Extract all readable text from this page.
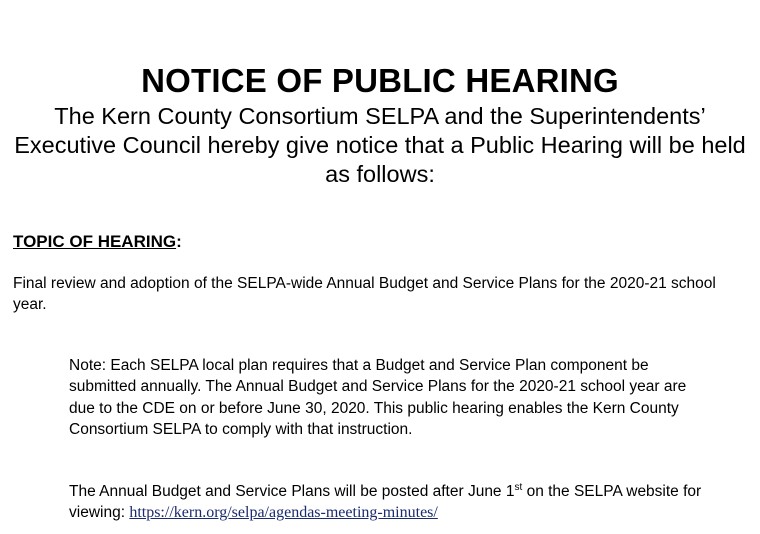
NOTICE OF PUBLIC HEARING

The Kern County Consortium SELPA and the Superintendents’ Executive Council hereby give notice that a Public Hearing will be held as follows:

TOPIC OF HEARING:

Final review and adoption of the SELPA-wide Annual Budget and Service Plans for the 2020-21 school year.

Note: Each SELPA local plan requires that a Budget and Service Plan component be submitted annually. The Annual Budget and Service Plans for the 2020-21 school year are due to the CDE on or before June 30, 2020. This public hearing enables the Kern County Consortium SELPA to comply with that instruction.

The Annual Budget and Service Plans will be posted after June 1st on the SELPA website for viewing: https://kern.org/selpa/agendas-meeting-minutes/
